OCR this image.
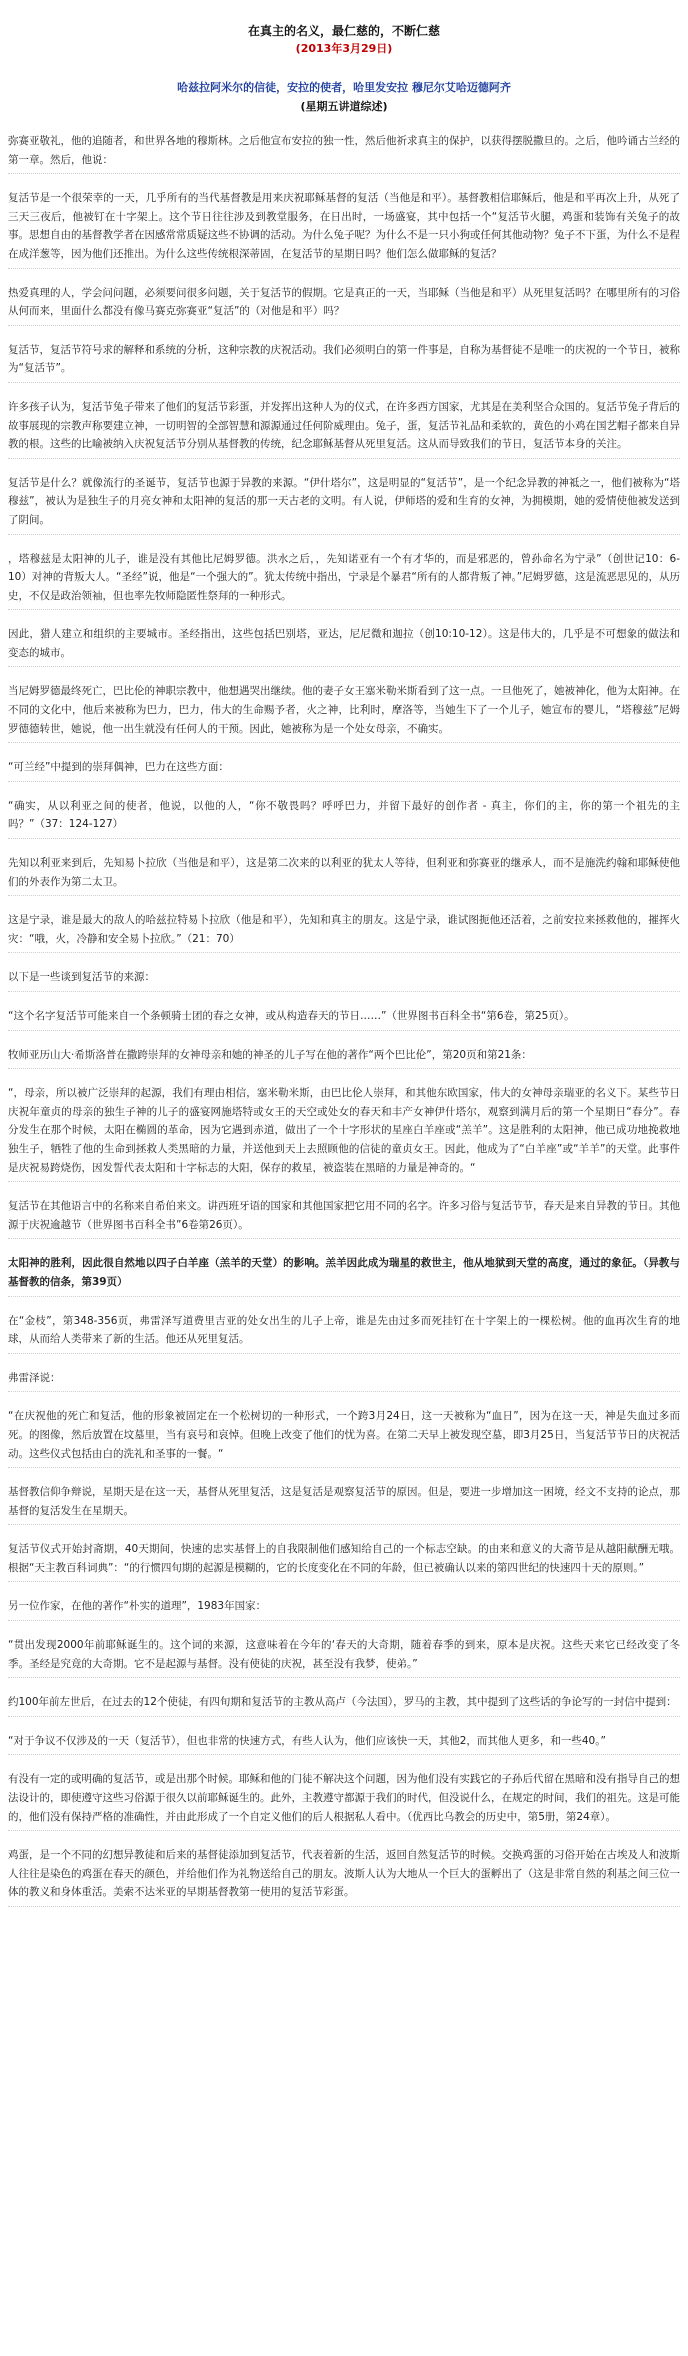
在真主的名义，最仁慈的，不断仁慈
(2013年3月29日)
哈兹拉阿米尔的信徒，安拉的使者，哈里发安拉 穆尼尔艾哈迈德阿齐
(星期五讲道综述)

弥赛亚敬礼，他的追随者，和世界各地的穆斯林。之后他宣布安拉的独一性，然后他祈求真主的保护，以获得摆脱撒旦的。之后，他吟诵古兰经的第一章。然后，他说：

复活节是一个很荣幸的一天，几乎所有的当代基督教是用来庆祝耶稣基督的复活（当他是和平）。基督教相信耶稣后，他是和平再次上升，从死了三天三夜后，他被钉在十字架上。这个节日往往涉及到教堂服务，在日出时，一场盛宴，其中包括一个“复活节火腿，鸡蛋和装饰有关兔子的故事。思想自由的基督教学者在因感常常质疑这些不协调的活动。为什么兔子呢？为什么不是一只小狗或任何其他动物？兔子不下蛋，为什么不是程在成洋葱等，因为他们还推出。为什么这些传统根深蒂固，在复活节的星期日吗？他们怎么做耶稣的复活？

热爱真理的人，学会问问题，必须要问很多问题，关于复活节的假期。它是真正的一天，当耶稣（当他是和平）从死里复活吗？在哪里所有的习俗从何而来，里面什么都没有像马赛克弥赛亚“复活”的（对他是和平）吗？

复活节，复活节符号求的解释和系统的分析，这种宗教的庆祝活动。我们必须明白的第一件事是，自称为基督徒不是唯一的庆祝的一个节日，被称为“复活节”。

许多孩子认为，复活节兔子带来了他们的复活节彩蛋，并发挥出这种人为的仪式，在许多西方国家，尤其是在美利坚合众国的。复活节兔子背后的故事展现的宗教声称要建立神，一切明智的全部智慧和源源通过任何阶威理由。兔子，蛋，复活节礼品和柔软的，黄色的小鸡在国艺帽子都来自异教的根。这些的比喻被纳入庆祝复活节分别从基督教的传统，纪念耶稣基督从死里复活。这从而导致我们的节日，复活节本身的关注。

复活节是什么？就像流行的圣诞节，复活节也源于异教的来源。“伊什塔尔”，这是明显的“复活节”，是一个纪念异教的神祗之一，他们被称为“塔穆兹”，被认为是独生子的月亮女神和太阳神的复活的那一天古老的文明。有人说，伊师塔的爱和生育的女神，为拥模期，她的爱情使他被发送到了阴间。

，塔穆兹是太阳神的儿子，谁是没有其他比尼姆罗德。洪水之后，，先知诺亚有一个有才华的，而是邪恶的，曾孙命名为宁录”（创世记10：6-10）对神的背叛大人。“圣经”说，他是“一个强大的”。犹太传统中指出，宁录是个暴君“所有的人都背叛了神。”尼姆罗德，这是流恶思见的，从历史，不仅是政治领袖，但也率先牧师隐匿性祭拜的一种形式。

因此，猎人建立和组织的主要城市。圣经指出，这些包括巴别塔，亚达，尼尼微和迦拉（创10:10-12）。这是伟大的，几乎是不可想象的做法和变态的城市。

当尼姆罗德最终死亡，巴比伦的神职宗教中，他想遇哭出继续。他的妻子女王塞米勒米斯看到了这一点。一旦他死了，她被神化，他为太阳神。在不同的文化中，他后来被称为巴力，巴力，伟大的生命赐予者，火之神，比利时，摩洛等，当她生下了一个儿子，她宣布的婴儿，“塔穆兹”尼姆罗德德转世，她说，他一出生就没有任何人的干预。因此，她被称为是一个处女母亲，不确实。

“可兰经”中提到的崇拜偶神，巴力在这些方面：

“确实，从以利亚之间的使者，他说，以他的人，“你不敬畏吗？呼呼巴力，并留下最好的创作者 - 真主，你们的主，你的第一个祖先的主吗？”（37：124-127）

先知以利亚来到后，先知易卜拉欣（当他是和平），这是第二次来的以利亚的犹太人等待，但利亚和弥赛亚的继承人，而不是施洗约翰和耶稣使他们的外表作为第二太卫。

这是宁录，谁是最大的敌人的哈兹拉特易卜拉欣（他是和平），先知和真主的朋友。这是宁录，谁试图扼他还活着，之前安拉来拯救他的，摧挥火灾：“哦，火，冷静和安全易卜拉欣。”（21：70）

以下是一些谈到复活节的来源：

“这个名字复活节可能来自一个条顿骑士团的春之女神，或从构造春天的节日……”（世界图书百科全书“第6卷，第25页）。

牧师亚历山大·希斯洛普在撒跨崇拜的女神母亲和她的神圣的儿子写在他的著作“两个巴比伦”，第20页和第21条：

“，母亲，所以被广泛崇拜的起源，我们有理由相信，塞米勒米斯，由巴比伦人崇拜，和其他东欧国家，伟大的女神母亲瑞亚的名义下。某些节日庆祝年童贞的母亲的独生子神的儿子的盛宴网施塔特或女王的天空或处女的春天和丰产女神伊什塔尔，观察到满月后的第一个星期日“春分”。春分发生在那个时候，太阳在椭圆的革命，因为它遇到赤道，做出了一个十字形状的星座白羊座或“羔羊”。这是胜利的太阳神，他已成功地挽救地独生子，牺牲了他的生命到拯救人类黑暗的力量，并送他到天上去照顾他的信徒的童贞女王。因此，他成为了“白羊座”或“羊羊”的天堂。此事件是庆祝易跨烧伤，因发誓代表太阳和十字标志的大阳，保存的救星，被盗装在黑暗的力量是神奇的。“

复活节在其他语言中的名称来自希伯来文。讲西班牙语的国家和其他国家把它用不同的名字。许多习俗与复活节节，春天是来自异教的节日。其他源于庆祝逾越节（世界图书百科全书”6卷第26页）。

太阳神的胜利，因此很自然地以四子白羊座（羔羊的天堂）的影响。羔羊因此成为瑞星的救世主，他从地狱到天堂的高度，通过的象征。（异教与基督教的信条，第39页）

在“金枝”，第348-356页，弗雷泽写道费里吉亚的处女出生的儿子上帝，谁是先由过多而死挂钉在十字架上的一棵松树。他的血再次生育的地球，从而给人类带来了新的生活。他还从死里复活。

弗雷泽说：

“在庆祝他的死亡和复活，他的形象被固定在一个松树切的一种形式，一个跨3月24日，这一天被称为“血日”，因为在这一天，神是失血过多而死。的图像，然后放置在坟墓里，当有哀号和哀悼。但晚上改变了他们的忧为喜。在第二天早上被发现空墓，即3月25日，当复活节节日的庆祝活动。这些仪式包括由白的洗礼和圣事的一餐。“

基督教信仰争辩说，星期天是在这一天，基督从死里复活，这是复活是观察复活节的原因。但是，要进一步增加这一困境，经文不支持的论点，那基督的复活发生在星期天。

复活节仪式开始封斋期，40天期间，快速的忠实基督上的自我限制他们感知给自己的一个标志空缺。的由来和意义的大斋节是从越阳献酬无哦。根据“天主教百科词典”：“的行惯四旬期的起源是模糊的，它的长度变化在不同的年龄，但已被确认以来的第四世纪的快速四十天的原则。”

另一位作家，在他的著作“朴实的道理”，1983年国家：

“贯出发现2000年前耶稣诞生的。这个词的来源，这意味着在今年的‘春天的大奇期，随着春季的到来，原本是庆祝。这些天来它已经改变了冬季。圣经是究竟的大奇期。它不是起源与基督。没有使徒的庆祝，甚至没有我梦，使弟。”

约100年前左世后，在过去的12个使徒，有四旬期和复活节的主教从高卢（今法国），罗马的主教，其中提到了这些话的争论写的一封信中提到：

“对于争议不仅涉及的一天（复活节），但也非常的快速方式，有些人认为，他们应该快一天，其他2，而其他人更多，和一些40。”

有没有一定的或明确的复活节，或是出那个时候。耶稣和他的门徒不解决这个问题，因为他们没有实践它的子孙后代留在黑暗和没有指导自己的想法设计的，即使遵守这些习俗源于很久以前耶稣诞生的。此外，主教遵守都源于我们的时代，但没说什么，在规定的时间，我们的祖先。这是可能的，他们没有保持严格的准确性，并由此形成了一个自定义他们的后人根据私人看中。（优西比乌教会的历史中，第5册，第24章）。

鸡蛋，是一个不同的幻想异教徒和后来的基督徒添加到复活节，代表着新的生活，返回自然复活节的时候。交换鸡蛋的习俗开始在古埃及人和波斯人往往是染色的鸡蛋在春天的颜色，并给他们作为礼物送给自己的朋友。波斯人认为大地从一个巨大的蛋孵出了（这是非常自然的利基之间三位一体的教义和身体重活。美索不达米亚的早期基督教第一使用的复活节彩蛋。
